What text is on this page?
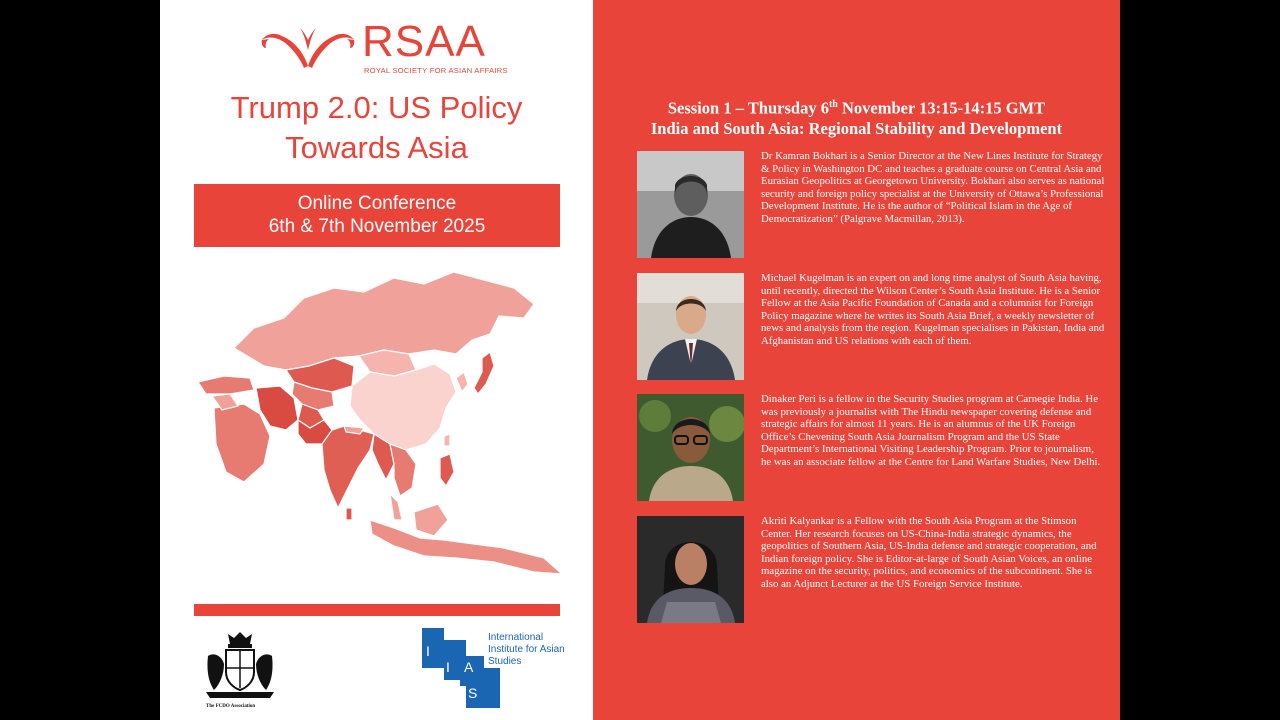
RSAA
ROYAL SOCIETY FOR ASIAN AFFAIRS
Trump 2.0: US Policy
Towards Asia
Online Conference
6th & 7th November 2025
The FCDO Association
I
I A
S
International Institute for Asian Studies
Session 1 – Thursday 6th November 13:15-14:15 GMT
India and South Asia: Regional Stability and Development
Dr Kamran Bokhari is a Senior Director at the New Lines Institute for Strategy & Policy in Washington DC and teaches a graduate course on Central Asia and Eurasian Geopolitics at Georgetown University. Bokhari also serves as national security and foreign policy specialist at the University of Ottawa’s Professional Development Institute. He is the author of “Political Islam in the Age of Democratization” (Palgrave Macmillan, 2013).
Michael Kugelman is an expert on and long time analyst of South Asia having, until recently, directed the Wilson Center’s South Asia Institute. He is a Senior Fellow at the Asia Pacific Foundation of Canada and a columnist for Foreign Policy magazine where he writes its South Asia Brief, a weekly newsletter of news and analysis from the region. Kugelman specialises in Pakistan, India and Afghanistan and US relations with each of them.
Dinaker Peri is a fellow in the Security Studies program at Carnegie India. He was previously a journalist with The Hindu newspaper covering defense and strategic affairs for almost 11 years. He is an alumnus of the UK Foreign Office’s Chevening South Asia Journalism Program and the US State Department’s International Visiting Leadership Program. Prior to journalism, he was an associate fellow at the Centre for Land Warfare Studies, New Delhi.
Akriti Kalyankar is a Fellow with the South Asia Program at the Stimson Center. Her research focuses on US-China-India strategic dynamics, the geopolitics of Southern Asia, US-India defense and strategic cooperation, and Indian foreign policy. She is Editor-at-large of South Asian Voices, an online magazine on the security, politics, and economics of the subcontinent. She is also an Adjunct Lecturer at the US Foreign Service Institute.
